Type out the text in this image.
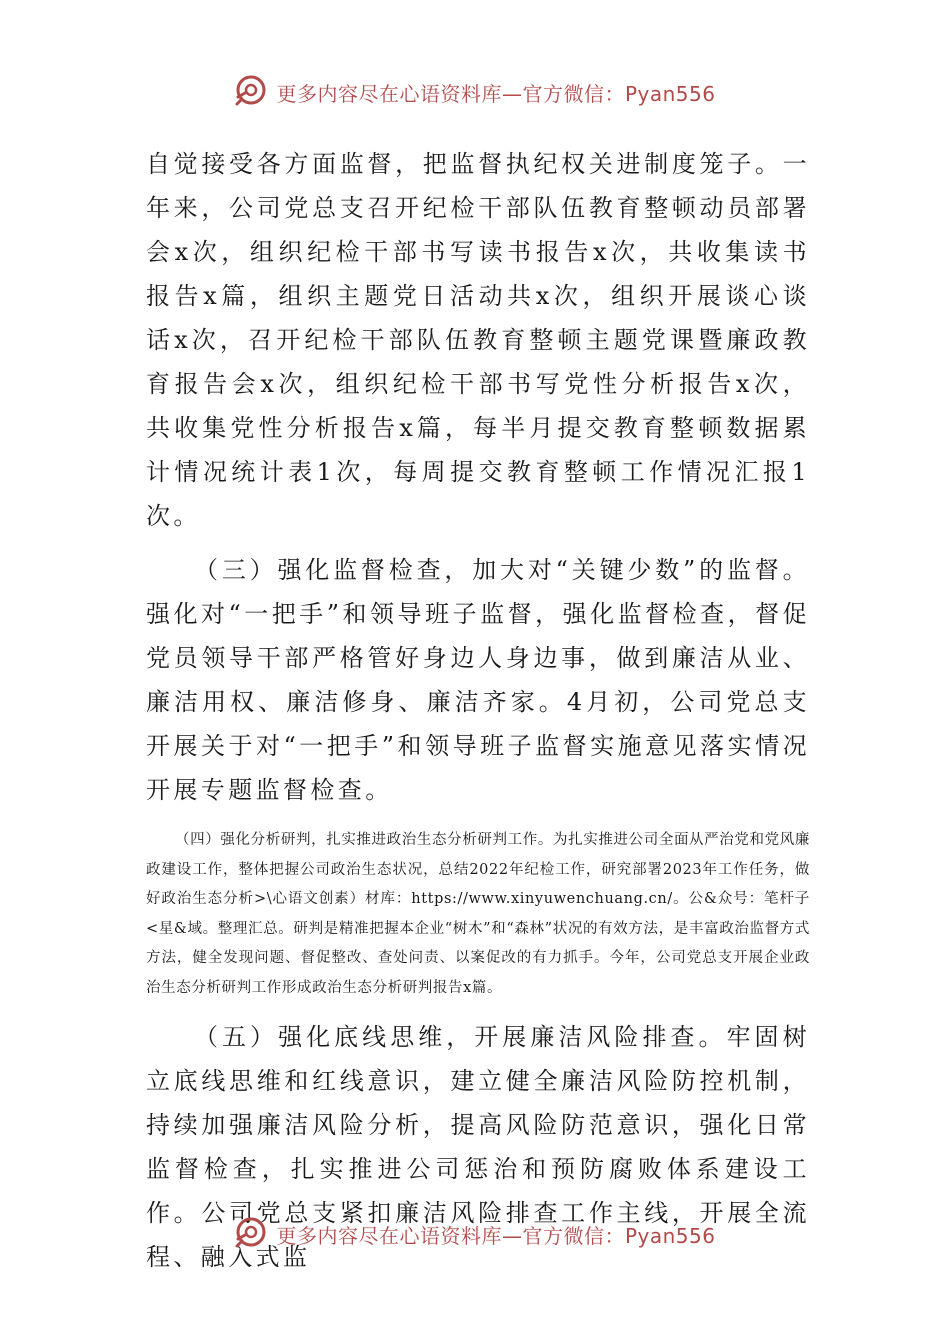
更多内容尽在心语资料库—官方微信：Pyan556

自觉接受各方面监督，把监督执纪权关进制度笼子。一年来，公司党总支召开纪检干部队伍教育整顿动员部署会x次，组织纪检干部书写读书报告x次，共收集读书报告x篇，组织主题党日活动共x次，组织开展谈心谈话x次，召开纪检干部队伍教育整顿主题党课暨廉政教育报告会x次，组织纪检干部书写党性分析报告x次，共收集党性分析报告x篇，每半月提交教育整顿数据累计情况统计表1次，每周提交教育整顿工作情况汇报1次。

（三）强化监督检查，加大对“关键少数”的监督。强化对“一把手”和领导班子监督，强化监督检查，督促党员领导干部严格管好身边人身边事，做到廉洁从业、廉洁用权、廉洁修身、廉洁齐家。4月初，公司党总支开展关于对“一把手”和领导班子监督实施意见落实情况开展专题监督检查。

（四）强化分析研判，扎实推进政治生态分析研判工作。为扎实推进公司全面从严治党和党风廉政建设工作，整体把握公司政治生态状况，总结2022年纪检工作，研究部署2023年工作任务，做好政治生态分析>\心语文创素）材库：https://www.xinyuwenchuang.cn/。公&众号：笔杆子<星&域。整理汇总。研判是精准把握本企业“树木”和“森林”状况的有效方法，是丰富政治监督方式方法，健全发现问题、督促整改、查处问责、以案促改的有力抓手。今年，公司党总支开展企业政治生态分析研判工作形成政治生态分析研判报告x篇。

（五）强化底线思维，开展廉洁风险排查。牢固树立底线思维和红线意识，建立健全廉洁风险防控机制，持续加强廉洁风险分析，提高风险防范意识，强化日常监督检查，扎实推进公司惩治和预防腐败体系建设工作。公司党总支紧扣廉洁风险排查工作主线，开展全流程、融入式监

更多内容尽在心语资料库—官方微信：Pyan556
